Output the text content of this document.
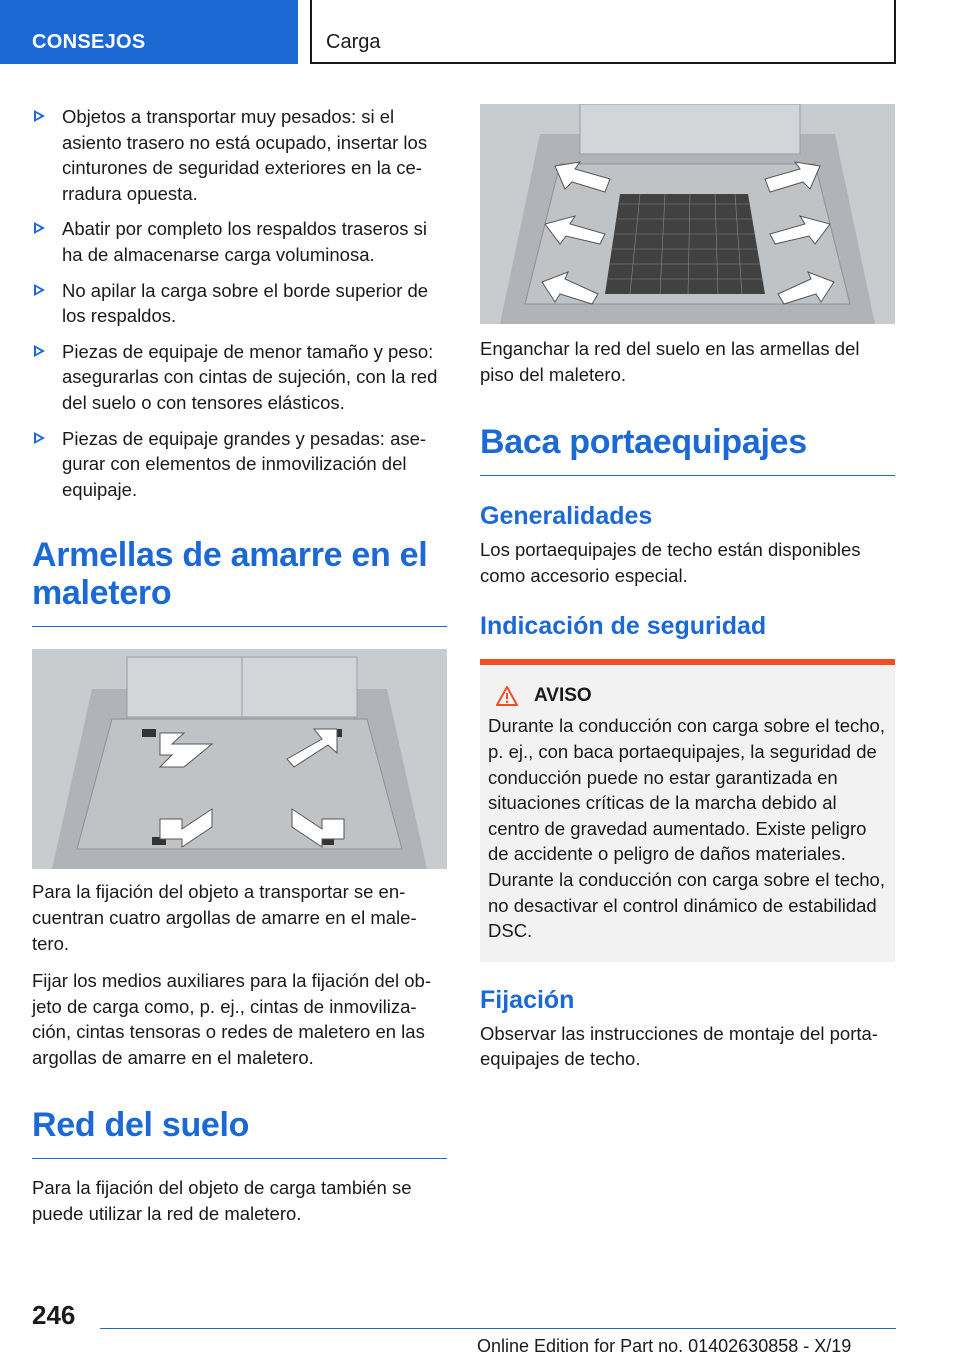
CONSEJOS	Carga
Objetos a transportar muy pesados: si el asiento trasero no está ocupado, insertar los cinturones de seguridad exteriores en la cerradura opuesta.
Abatir por completo los respaldos traseros si ha de almacenarse carga voluminosa.
No apilar la carga sobre el borde superior de los respaldos.
Piezas de equipaje de menor tamaño y peso: asegurarlas con cintas de sujeción, con la red del suelo o con tensores elásticos.
Piezas de equipaje grandes y pesadas: asegurar con elementos de inmovilización del equipaje.
Armellas de amarre en el maletero

Para la fijación del objeto a transportar se encuentran cuatro argollas de amarre en el maletero.

Fijar los medios auxiliares para la fijación del objeto de carga como, p. ej., cintas de inmovilización, cintas tensoras o redes de maletero en las argollas de amarre en el maletero.

Red del suelo

Para la fijación del objeto de carga también se puede utilizar la red de maletero.

Enganchar la red del suelo en las armellas del piso del maletero.

Baca portaequipajes
Generalidades

Los portaequipajes de techo están disponibles como accesorio especial.

Indicación de seguridad
AVISO

Durante la conducción con carga sobre el techo, p. ej., con baca portaequipajes, la seguridad de conducción puede no estar garantizada en situaciones críticas de la marcha debido al centro de gravedad aumentado. Existe peligro de accidente o peligro de daños materiales. Durante la conducción con carga sobre el techo, no desactivar el control dinámico de estabilidad DSC.

Fijación

Observar las instrucciones de montaje del portaequipajes de techo.

246
Online Edition for Part no. 01402630858 - X/19
